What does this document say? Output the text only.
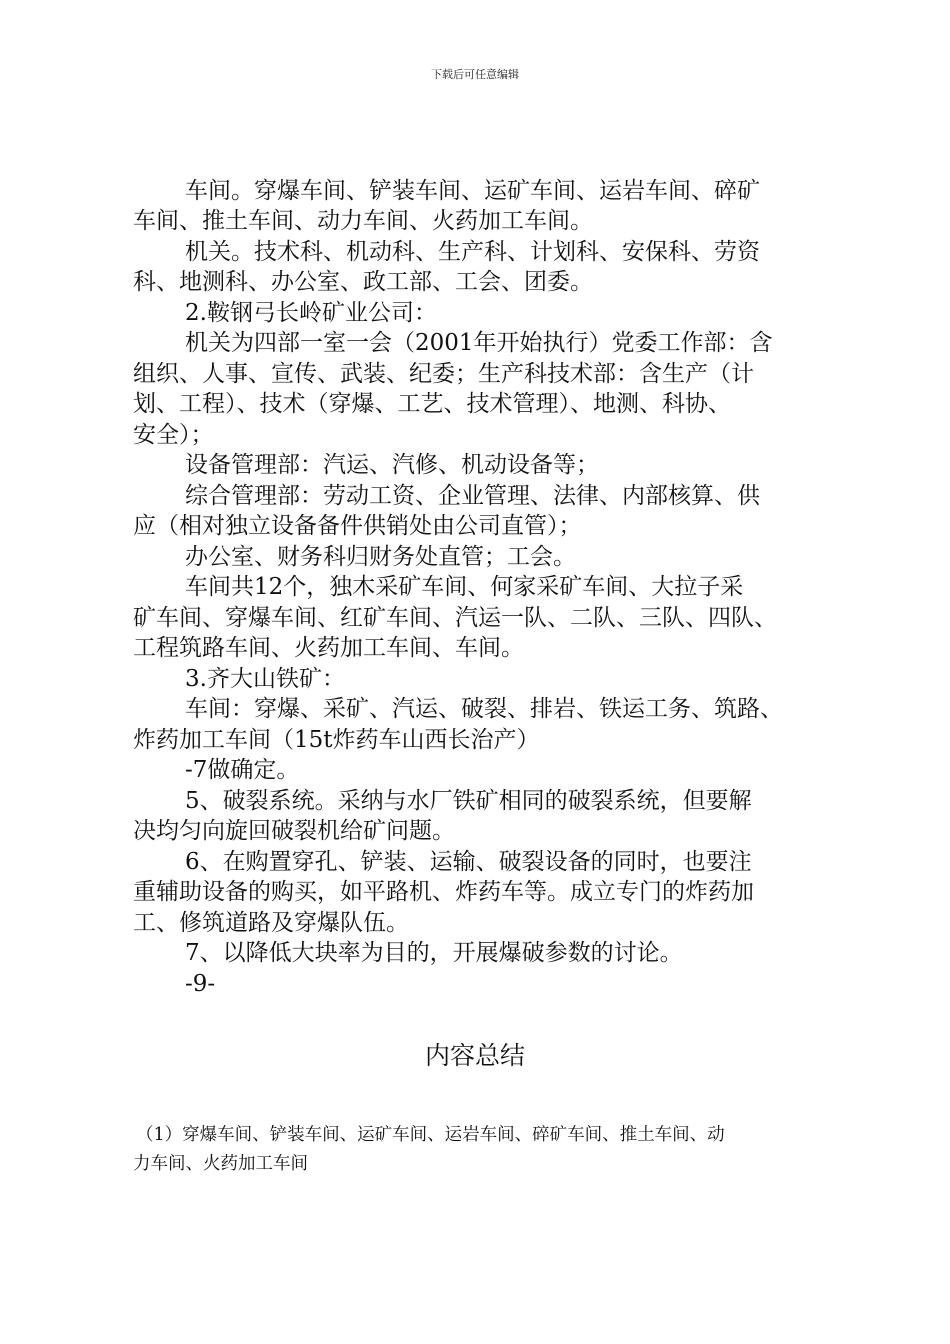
下载后可任意编辑
车间。穿爆车间、铲装车间、运矿车间、运岩车间、碎矿
车间、推土车间、动力车间、火药加工车间。
机关。技术科、机动科、生产科、计划科、安保科、劳资
科、地测科、办公室、政工部、工会、团委。
2.鞍钢弓长岭矿业公司：
机关为四部一室一会（2001年开始执行）党委工作部：含
组织、人事、宣传、武装、纪委；生产科技术部：含生产（计
划、工程）、技术（穿爆、工艺、技术管理）、地测、科协、
安全）；
设备管理部：汽运、汽修、机动设备等；
综合管理部：劳动工资、企业管理、法律、内部核算、供
应（相对独立设备备件供销处由公司直管）；
办公室、财务科归财务处直管；工会。
车间共12个，独木采矿车间、何家采矿车间、大拉子采
矿车间、穿爆车间、红矿车间、汽运一队、二队、三队、四队、
工程筑路车间、火药加工车间、车间。
3.齐大山铁矿：
车间：穿爆、采矿、汽运、破裂、排岩、铁运工务、筑路、
炸药加工车间（15t炸药车山西长治产）
-7做确定。
5、破裂系统。采纳与水厂铁矿相同的破裂系统，但要解
决均匀向旋回破裂机给矿问题。
6、在购置穿孔、铲装、运输、破裂设备的同时，也要注
重辅助设备的购买，如平路机、炸药车等。成立专门的炸药加
工、修筑道路及穿爆队伍。
7、以降低大块率为目的，开展爆破参数的讨论。
-9-
内容总结
（1）穿爆车间、铲装车间、运矿车间、运岩车间、碎矿车间、推土车间、动
力车间、火药加工车间
